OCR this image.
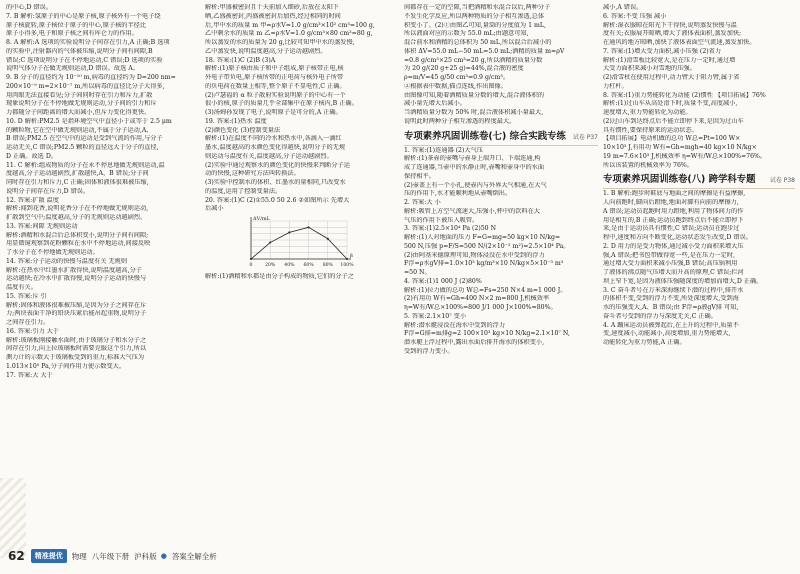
的中心,D 错误。
7. B 解析:氢原子的中心是原子核,原子核外有一个电子绕
原子核旋转,原子核位于原子的中心,原子核的半径比
原子小得多,电子和原子核之间有库仑力的作用。
8. A 解析:A 选项的实验说明分子间存在引力,A 正确;B 选项
的实验中,注射器内的气体被压缩,说明分子间有间隙,B
错误;C 选项说明分子在不停地运动,C 错误;D 选项的实验
说明气体分子在做无规则运动,D 错误。故选 A。
9. B 分子的直径约为 10⁻¹⁰ m,病毒的直径约为 D=200 nm=
200×10⁻⁹ m=2×10⁻⁷ m,所以病毒的直径比分子大得多,
用肉眼无法直接看见;分子间同时存在引力和斥力,扩散
现象说明分子在不停地做无规则运动,分子间的引力和斥
力都随分子间距离的增大而减小,但斥力变化得更快。
10. D 解析:PM2.5 是指环境空气中直径小于或等于 2.5 μm
的颗粒物,它在空中做无规则运动,不属于分子运动,A、
B 错误;PM2.5 在空气中的运动是受到气流的作用,与分子
运动无关,C 错误;PM2.5 颗粒的直径远大于分子的直径,
D 正确。故选 D。
11. C 解析:组成物质的分子在永不停息地做无规则运动,温
度越高,分子运动越剧烈,扩散越快,A、B 错误;分子间
同时存在引力和斥力,C 正确;固体和液体很难被压缩,
说明分子间存在斥力,D 错误。
12. 答案:扩散 温度
解析:闻到花香,说明花香分子在不停地做无规则运动,
扩散到空气中;温度越高,分子的无规则运动越剧烈。
13. 答案:间隙 无规则运动
解析:酒精和水混合后总体积变小,说明分子间有间隙;
用显微镜观察到花粉颗粒在水中不停地运动,间接反映
了水分子在不停地做无规则运动。
14. 答案:分子运动的快慢与温度有关 无规则
解析:在热水中红墨水扩散得快,说明温度越高,分子
运动越快;在冷水中扩散得慢,说明分子运动的快慢与
温度有关。
15. 答案:斥 引
解析:固体和液体很难被压缩,是因为分子之间存在斥
力;两块表面干净的铅块压紧后能吊起重物,说明分子
之间存在引力。
16. 答案:引力 大于
解析:玻璃板刚接触水面时,由于玻璃分子和水分子之
间存在引力,向上拉玻璃板时需要克服这个引力,所以
测力计的示数大于玻璃板受到的重力,标准大气压为
1.013×10⁵ Pa,分子间作用力使示数变大。
17. 答案:大 大于
解析:甲盛被密封且十天前加入细砂,后放在太阳下
晒,乙盛被密封,丙盛被密封后加热,经过相同的时间
后,甲中水的质量 m 甲=ρ水V=1.0 g/cm³×10² cm³=100 g,
乙中剩余水的质量 m 乙=ρ水V=1.0 g/cm³×80 cm³=80 g,
所以蒸发的水的质量为 20 g,比较可知甲中水的蒸发慢,
乙中蒸发快,说明温度越高,分子运动越剧烈。
18. 答案:(1)C (2)B (3)A
解析:(1)原子核由质子和中子组成,原子核带正电,核
外电子带负电,原子核所带的正电荷与核外电子所带
的负电荷在数量上相等,整个原子不显电性,C 正确。
(2)卢瑟福的 α 粒子散射实验说明原子的中心有一个
很小的核,原子的质量几乎全部集中在原子核内,B 正确。
(3)汤姆孙发现了电子,说明原子是可分的,A 正确。
19. 答案:(1)热水 温度
(2)颜色变化 (3)控制变量法
解析:(1)在温度不同的冷水和热水中,各滴入一滴红
墨水,温度越高的水颜色变化得越快,说明分子的无规
则运动与温度有关,温度越高,分子运动越剧烈。
(2)实验中通过观察水的颜色变化的快慢来判断分子运
动的快慢,这种研究方法叫转换法。
(3)实验中控制水的体积、红墨水的量相同,只改变水
的温度,运用了控制变量法。
20. 答案:(1)C (2)①55.0 50 2.6 ②如图所示 先增大
后减小
0	20% 40% 60% 80% 100%
ΔV/mL
β
解析:(1)酒精和水都是由分子构成的物质,它们的分子之
间都存在一定的空隙,当把酒精和水混合以后,两种分子
不发生化学反应,所以两种物质的分子相互渗透,总体
积变小了。(2)①由图乙可知,量筒的分度值为 1 mL,
所以液面对应的示数为 55.0 mL;由题意可知,
混合前水和酒精的总体积为 50 mL,所以混合后减小的
体积 ΔV=55.0 mL−50 mL=5.0 mL;酒精的质量 m=ρV
=0.8 g/cm³×25 cm³=20 g,所以酒精的质量分数
为 20 g/(20 g+25 g)≈44%,混合液的密度
ρ=m/V=45 g/50 cm³=0.9 g/cm³。
②根据表中数据,描点连线,作出图像。
由图像可知,随着酒精质量分数的增大,混合液体积的
减小量先增大后减小。
当酒精质量分数为 50% 时,混合液体积减小量最大,
说明此时两种分子相互渗透的程度最大。
专项素养巩固训练卷(七) 综合实践专练 试卷 P37
1. 答案:(1)连通器 (2)大气压
解析:(1)茶壶的壶嘴与壶身上端开口、下端连通,构
成了连通器,当壶中的水静止时,壶嘴和壶身中的水面
保持相平。
(2)壶盖上有一个小孔,使壶内与外界大气相通,在大气
压的作用下,水才能顺利地从壶嘴倒出。
2. 答案:大 小
解析:吸管上方空气流速大,压强小,杯中的饮料在大
气压的作用下被压入吸管。
3. 答案:(1)2.5×10⁴ Pa (2)50 N
解析:(1)人对地面的压力 F=G=mg=50 kg×10 N/kg=
500 N,压强 p=F/S=500 N/(2×10⁻² m²)=2.5×10⁴ Pa。
(2)由阿基米德原理可知,物体浸没在水中受到的浮力
F浮=ρ水gV排=1.0×10³ kg/m³×10 N/kg×5×10⁻³ m³
=50 N。
4. 答案:(1)1 000 J (2)80%
解析:(1)拉力做的总功 W总=Fs=250 N×4 m=1 000 J。
(2)有用功 W有=Gh=400 N×2 m=800 J,机械效率
η=W有/W总×100%=800 J/1 000 J×100%=80%。
5. 答案:2.1×10⁷ 变小
解析:潜水艇浸没在海水中受到的浮力
F浮=G排=m排g=2 100×10³ kg×10 N/kg=2.1×10⁷ N,
潜水艇上浮过程中,露出水面后排开海水的体积变小,
受到的浮力变小。
减小,A 错误。
6. 答案:不变 压强 减小
解析:湿衣服晾在阳光下干得快,说明蒸发快慢与温
度有关;衣服展开晾晒,增大了液体表面积,蒸发加快;
在通风的地方晾晒,加快了液体表面空气流速,蒸发加快。
7. 答案:(1)增大受力面积,减小压强 (2)省力
解析:(1)滑雪板比较宽大,是在压力一定时,通过增
大受力面积来减小对雪地的压强。
(2)滑雪杖在使用过程中,动力臂大于阻力臂,属于省
力杠杆。
8. 答案:(1)重力势能转化为动能 (2)惯性 【项目拓展】76%
解析:(1)过山车从高处滑下时,质量不变,高度减小,
速度增大,重力势能转化为动能。
(2)过山车到达终点后不能立即停下来,是因为过山车
具有惯性,要保持原来的运动状态。
【项目拓展】电动机做的总功 W总=Pt=100 W×
10×10³ J,有用功 W有=Gh=mgh=40 kg×10 N/kg×
19 m=7.6×10³ J,机械效率 η=W有/W总×100%=76%。
所以该装置的机械效率为 76%。
专项素养巩固训练卷(八) 跨学科专题 试卷 P38
1. B 解析:跑步时鞋底与地面之间的摩擦是有益摩擦,
人向前跑时,脚向后蹬地,地面对脚有向前的摩擦力,
A 错误;运动员起跑时用力蹬地,利用了物体间力的作
用是相互的,B 正确;运动员跑到终点后不能立即停下
来,是由于运动员具有惯性,C 错误;运动员在跑步过
程中,速度和方向不断变化,运动状态发生改变,D 错误。
2. D 用力的是受力物体,通过减小受力面积来增大压
强,A 错误;把书包带做得宽一些,是在压力一定时,
通过增大受力面积来减小压强,B 错误;高压锅利用
了液体的沸点随气压增大而升高的原理,C 错误;拦河
坝上窄下宽,是因为液体压强随深度的增加而增大,D 正确。
3. C 奋斗者号在万米深海继续下潜的过程中,排开水
的体积不变,受到的浮力不变,所处深度增大,受到海
水的压强变大,A、B 错误;由 F浮=ρ液gV排 可知,
奋斗者号受到的浮力与深度无关,C 正确。
4. A 蹦床运动员被弹起后,在上升的过程中,质量不
变,速度减小,动能减小,高度增加,重力势能增大,
动能转化为重力势能,A 正确。
62	精准提优	物理 八年级下册 沪科版 ● 答案全解全析
